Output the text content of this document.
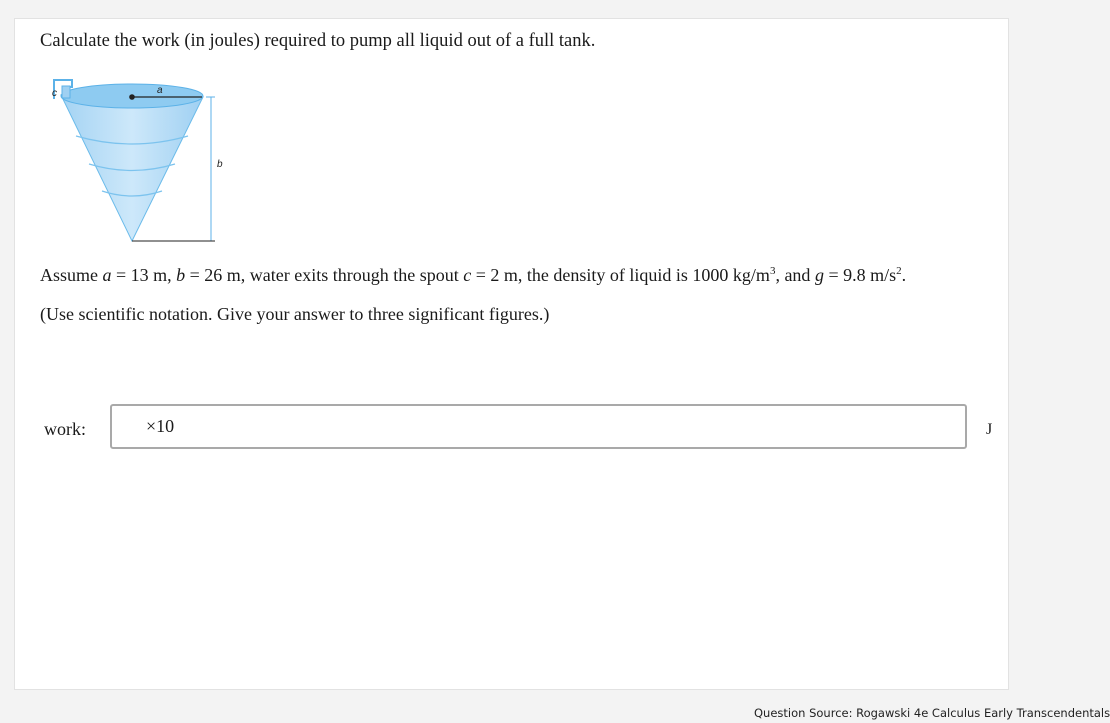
Calculate the work (in joules) required to pump all liquid out of a full tank.
c	a
b
Assume a = 13 m, b = 26 m, water exits through the spout c = 2 m, the density of liquid is 1000 $kg/m^3$, and g = 9.8 $m/s^2$.
(Use scientific notation. Give your answer to three significant figures.)
work:	×10	J
Question Source: Rogawski 4e Calculus Early Transcendentals
